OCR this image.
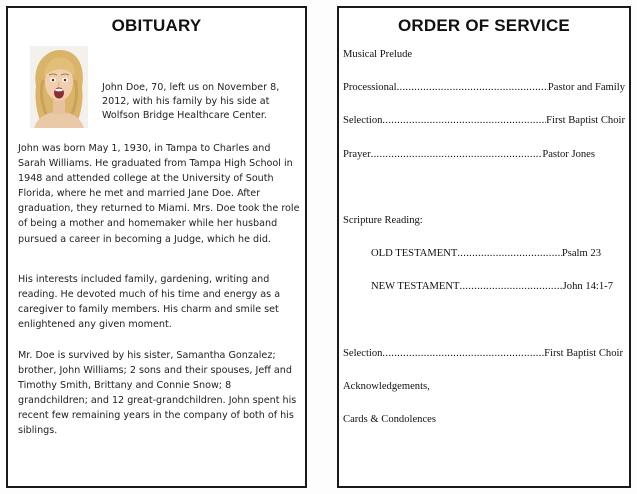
OBITUARY
John Doe, 70, left us on November 8, 2012, with his family by his side at Wolfson Bridge Healthcare Center.

John was born May 1, 1930, in Tampa to Charles and Sarah Williams. He graduated from Tampa High School in 1948 and attended college at the University of South Florida, where he met and married Jane Doe. After graduation, they returned to Miami. Mrs. Doe took the role of being a mother and homemaker while her husband pursued a career in becoming a Judge, which he did.

His interests included family, gardening, writing and reading. He devoted much of his time and energy as a caregiver to family members. His charm and smile set enlightened any given moment.

Mr. Doe is survived by his sister, Samantha Gonzalez; brother, John Williams; 2 sons and their spouses, Jeff and Timothy Smith, Brittany and Connie Snow; 8 grandchildren; and 12 great-grandchildren. John spent his recent few remaining years in the company of both of his siblings.

ORDER OF SERVICE
Musical Prelude
Processional .....	Pastor and Family
Selection .....	First Baptist Choir
Prayer .....	Pastor Jones
Scripture Reading:
OLD TESTAMENT .....	Psalm 23
NEW TESTAMENT .....	John 14:1-7
Selection .....	First Baptist Choir
Acknowledgements,
Cards & Condolences
